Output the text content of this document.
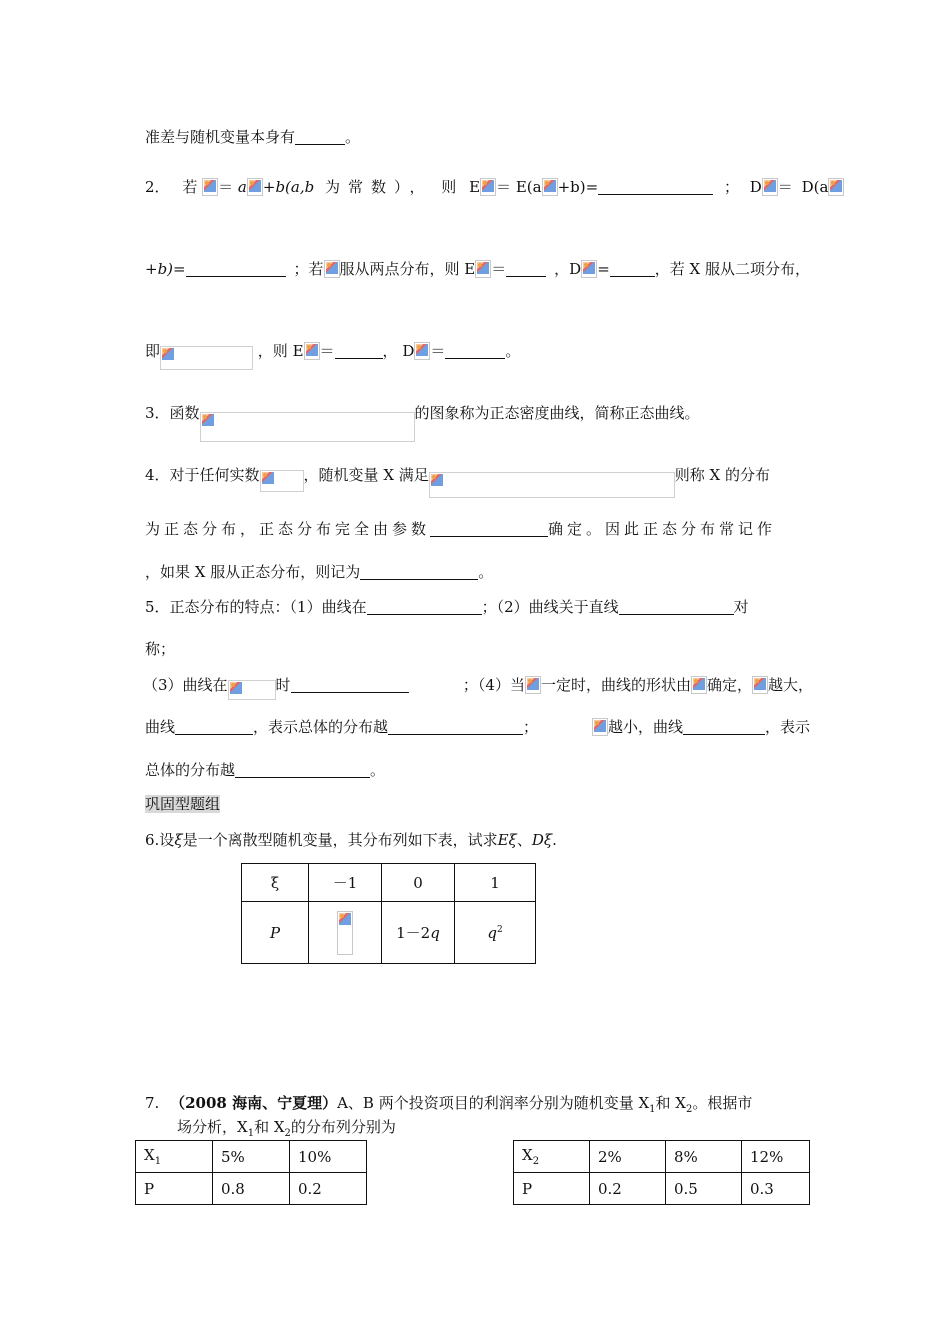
准差与随机变量本身有	。
2． 若 ＝ a +b(a,b 为常数）， 则 E ＝ E(a +b)=	； D ＝ D(a
+b)=	；若 服从两点分布，则 E ＝	，D =	，若 X 服从二项分布，
即	，则 E ＝	， D ＝	。
3．函数	的图象称为正态密度曲线，简称正态曲线。
4．对于任何实数	，随机变量 X 满足	则称 X 的分布
为正态分布，正态分布完全由参数	确定。因此正态分布常记作
，如果 X 服从正态分布，则记为	。
5．正态分布的特点：（1）曲线在	；（2）曲线关于直线	对
称；
（3）曲线在	时	；（4）当 一定时，曲线的形状由 确定， 越大，
曲线	，表示总体的分布越	；	越小，曲线	，表示
总体的分布越	。
巩固型题组
6.设ξ是一个离散型随机变量，其分布列如下表，试求Eξ、Dξ.
ξ	－1	0	1
P		1－2q	$q^2$
7. （2008 海南、宁夏理）A、B 两个投资项目的利润率分别为随机变量 $X_1$和 $X_2$。根据市
场分析，$X_1$和 $X_2$的分布列分别为
$X_1$	5%	10%
P	0.8	0.2
$X_2$	2%	8%	12%
P	0.2	0.5	0.3
